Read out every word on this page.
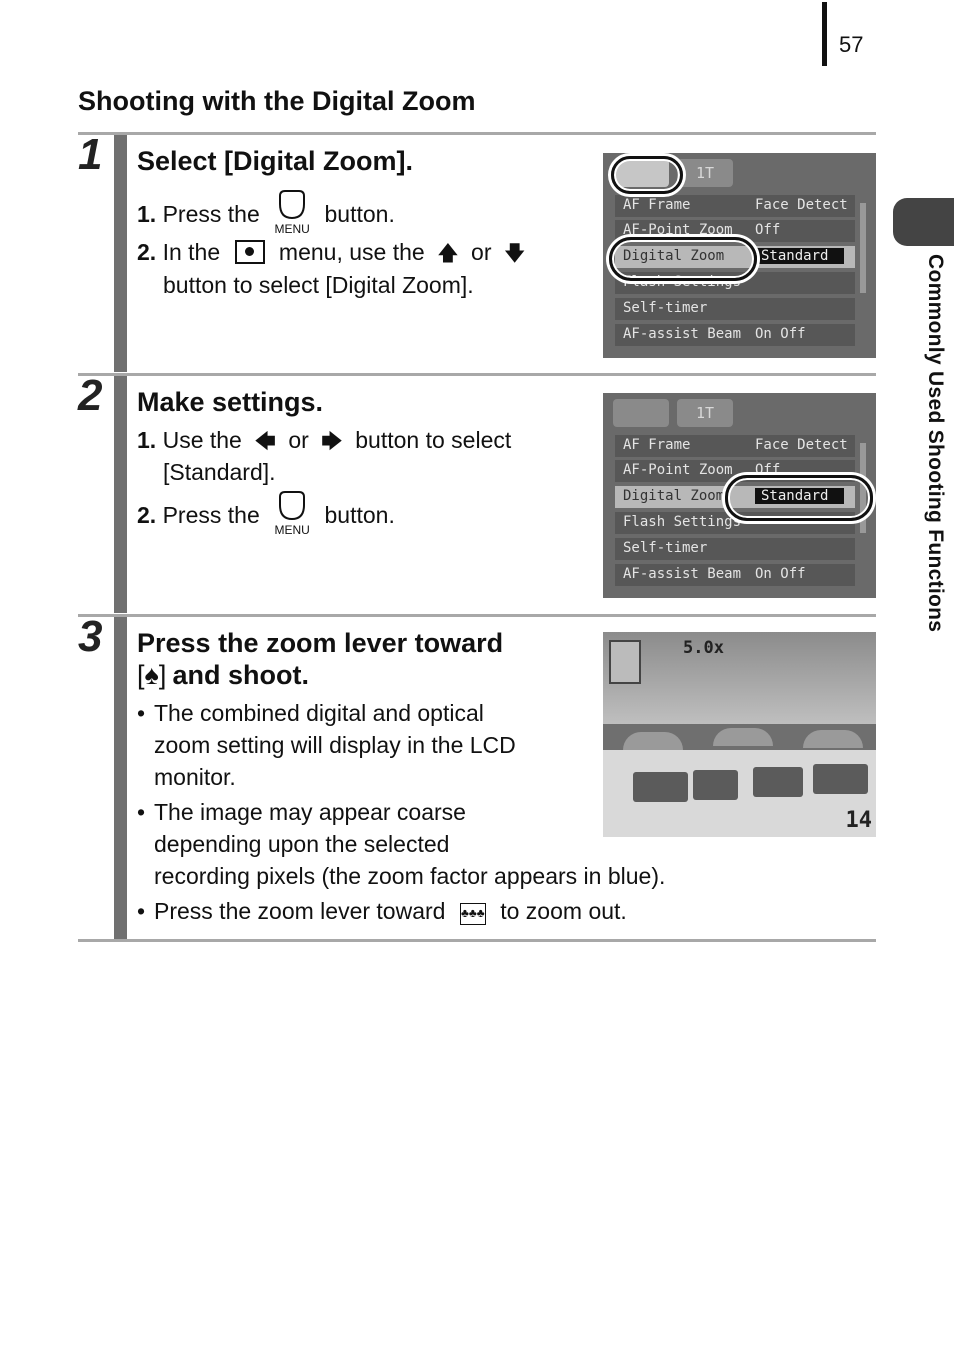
57
Commonly Used Shooting Functions
Shooting with the Digital Zoom
1 Select [Digital Zoom].
1. Press the
MENU
button.
2. In the	menu, use the 🡅 or 🡇
button to select [Digital Zoom].
1T
AF Frame	Face Detect
AF-Point Zoom Off
Digital Zoom	Standard
Flash Settings
Self-timer
AF-assist Beam On Off
2 Make settings.
1. Use the 🡄 or 🡆 button to select
[Standard].
2. Press the
MENU
button.
1T
AF Frame	Face Detect
AF-Point Zoom Off
Digital Zoom	Standard
Flash Settings
Self-timer
AF-assist Beam On Off
3 Press the zoom lever toward
[♠] and shoot.
• The combined digital and optical
zoom setting will display in the LCD
monitor.
• The image may appear coarse
depending upon the selected
recording pixels (the zoom factor appears in blue).
• Press the zoom lever toward ♣♣♣ to zoom out.
5.0x
14
